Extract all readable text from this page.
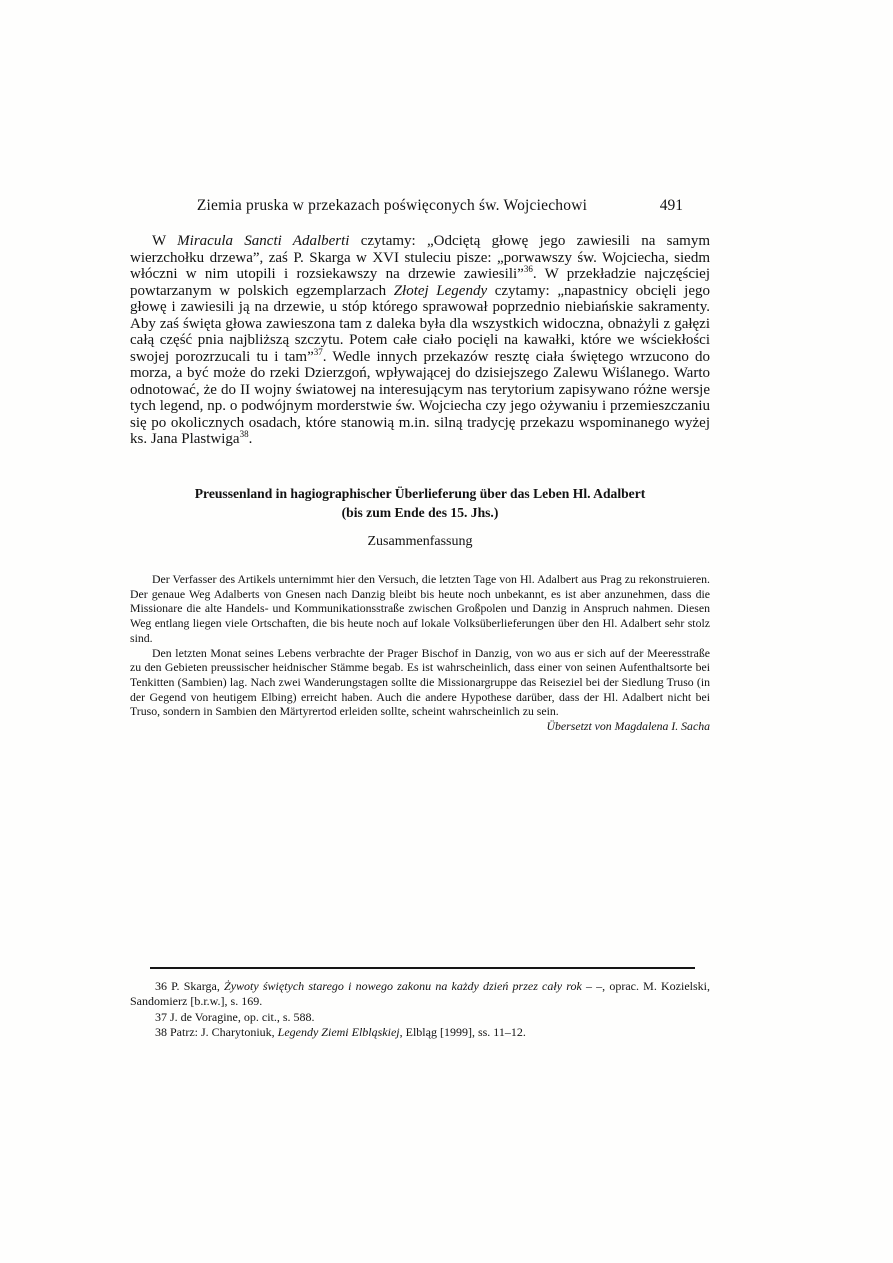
Ziemia pruska w przekazach poświęconych św. Wojciechowi	491

W Miracula Sancti Adalberti czytamy: „Odciętą głowę jego zawiesili na samym wierzchołku drzewa”, zaś P. Skarga w XVI stuleciu pisze: „porwawszy św. Wojciecha, siedm włóczni w nim utopili i rozsiekawszy na drzewie zawiesili”$^{36}$. W przekładzie najczęściej powtarzanym w polskich egzemplarzach Złotej Legendy czytamy: „napastnicy obcięli jego głowę i zawiesili ją na drzewie, u stóp którego sprawował poprzednio niebiańskie sakramenty. Aby zaś święta głowa zawieszona tam z daleka była dla wszystkich widoczna, obnażyli z gałęzi całą część pnia najbliższą szczytu. Potem całe ciało pocięli na kawałki, które we wściekłości swojej porozrzucali tu i tam”$^{37}$. Wedle innych przekazów resztę ciała świętego wrzucono do morza, a być może do rzeki Dzierzgoń, wpływającej do dzisiejszego Zalewu Wiślanego. Warto odnotować, że do II wojny światowej na interesującym nas terytorium zapisywano różne wersje tych legend, np. o podwójnym morderstwie św. Wojciecha czy jego ożywaniu i przemieszczaniu się po okolicznych osadach, które stanowią m.in. silną tradycję przekazu wspominanego wyżej ks. Jana Plastwiga$^{38}$.

Preussenland in hagiographischer Überlieferung über das Leben Hl. Adalbert
(bis zum Ende des 15. Jhs.)
Zusammenfassung

Der Verfasser des Artikels unternimmt hier den Versuch, die letzten Tage von Hl. Adalbert aus Prag zu rekonstruieren. Der genaue Weg Adalberts von Gnesen nach Danzig bleibt bis heute noch unbekannt, es ist aber anzunehmen, dass die Missionare die alte Handels- und Kommunikationsstraße zwischen Großpolen und Danzig in Anspruch nahmen. Diesen Weg entlang liegen viele Ortschaften, die bis heute noch auf lokale Volksüberlieferungen über den Hl. Adalbert sehr stolz sind.

Den letzten Monat seines Lebens verbrachte der Prager Bischof in Danzig, von wo aus er sich auf der Meeresstraße zu den Gebieten preussischer heidnischer Stämme begab. Es ist wahrscheinlich, dass einer von seinen Aufenthaltsorte bei Tenkitten (Sambien) lag. Nach zwei Wanderungstagen sollte die Missionargruppe das Reiseziel bei der Siedlung Truso (in der Gegend von heutigem Elbing) erreicht haben. Auch die andere Hypothese darüber, dass der Hl. Adalbert nicht bei Truso, sondern in Sambien den Märtyrertod erleiden sollte, scheint wahrscheinlich zu sein.

Übersetzt von Magdalena I. Sacha

36 P. Skarga, Żywoty świętych starego i nowego zakonu na każdy dzień przez cały rok – –, oprac. M. Kozielski, Sandomierz [b.r.w.], s. 169.

37 J. de Voragine, op. cit., s. 588.

38 Patrz: J. Charytoniuk, Legendy Ziemi Elbląskiej, Elbląg [1999], ss. 11–12.
